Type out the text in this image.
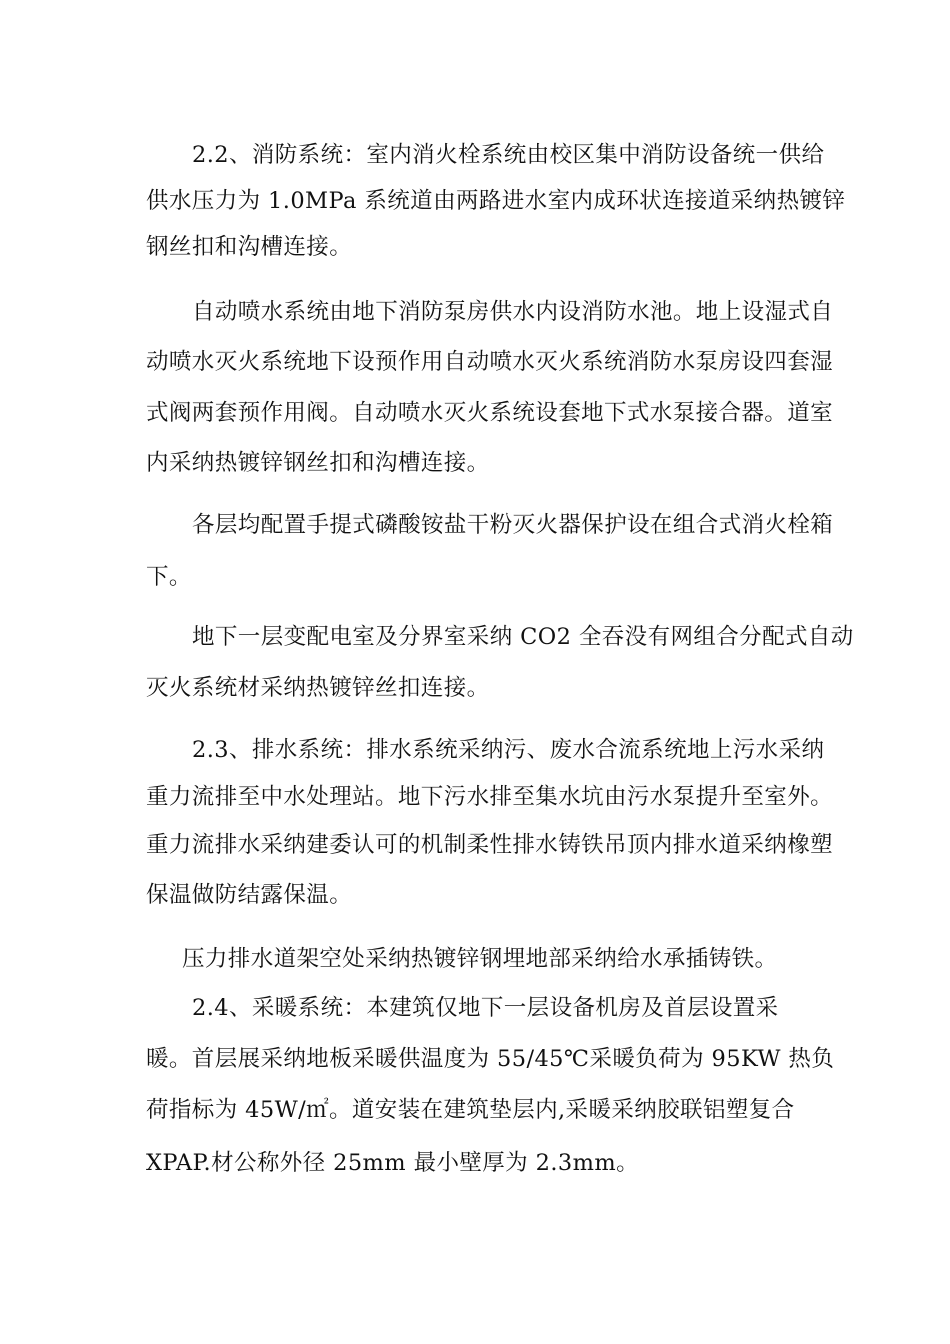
2.2、消防系统：室内消火栓系统由校区集中消防设备统一供给
供水压力为 1.0MPa 系统道由两路进水室内成环状连接道采纳热镀锌
钢丝扣和沟槽连接。
自动喷水系统由地下消防泵房供水内设消防水池。地上设湿式自
动喷水灭火系统地下设预作用自动喷水灭火系统消防水泵房设四套湿
式阀两套预作用阀。自动喷水灭火系统设套地下式水泵接合器。道室
内采纳热镀锌钢丝扣和沟槽连接。
各层均配置手提式磷酸铵盐干粉灭火器保护设在组合式消火栓箱
下。
地下一层变配电室及分界室采纳 CO2 全吞没有网组合分配式自动
灭火系统材采纳热镀锌丝扣连接。
2.3、排水系统：排水系统采纳污、废水合流系统地上污水采纳
重力流排至中水处理站。地下污水排至集水坑由污水泵提升至室外。
重力流排水采纳建委认可的机制柔性排水铸铁吊顶内排水道采纳橡塑
保温做防结露保温。
压力排水道架空处采纳热镀锌钢埋地部采纳给水承插铸铁。
2.4、采暖系统：本建筑仅地下一层设备机房及首层设置采
暖。首层展采纳地板采暖供温度为 55/45℃采暖负荷为 95KW 热负
荷指标为 45W/㎡。道安装在建筑垫层内,采暖采纳胶联铝塑复合
XPAP.材公称外径 25mm 最小壁厚为 2.3mm。
